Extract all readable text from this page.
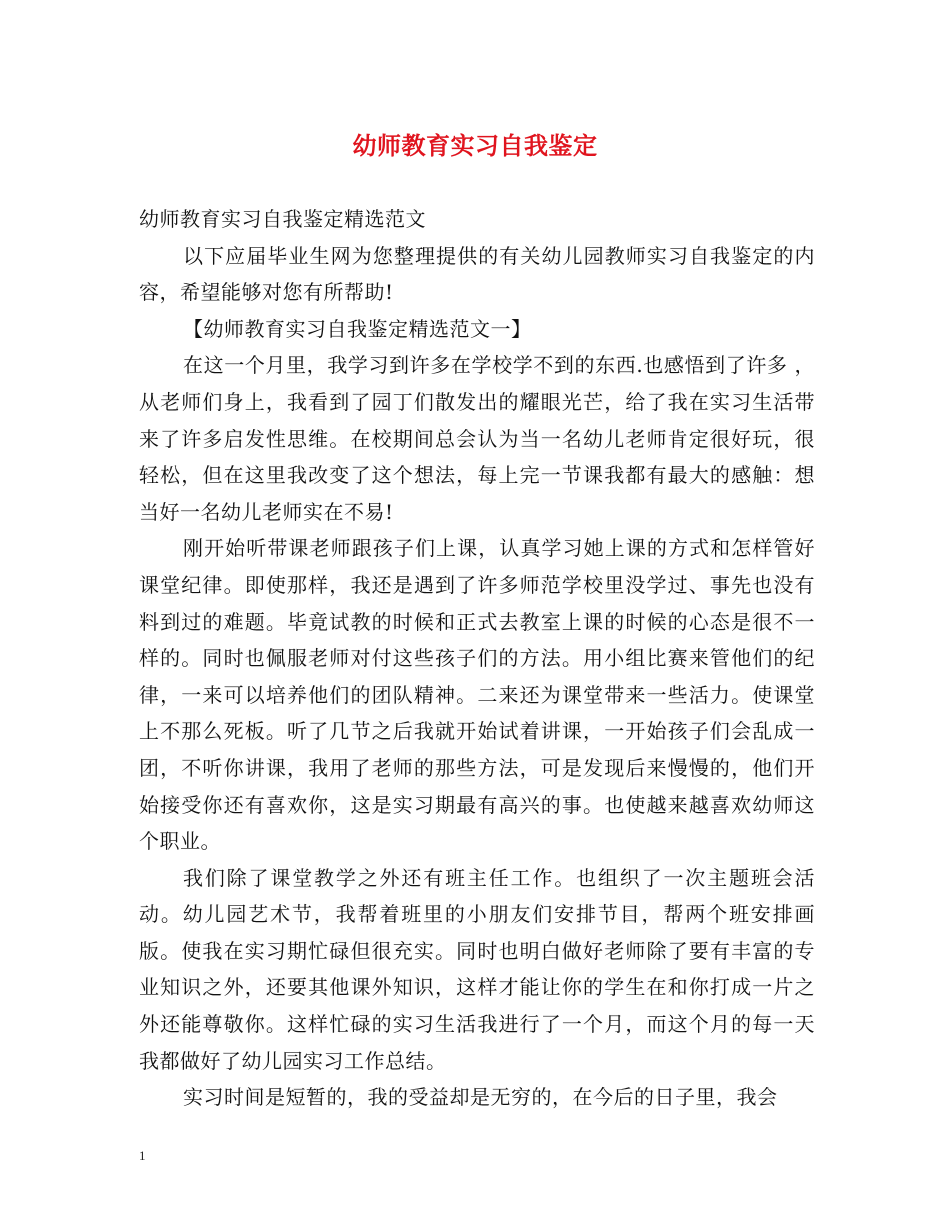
幼师教育实习自我鉴定

幼师教育实习自我鉴定精选范文

以下应届毕业生网为您整理提供的有关幼儿园教师实习自我鉴定的内容，希望能够对您有所帮助!

【幼师教育实习自我鉴定精选范文一】

在这一个月里，我学习到许多在学校学不到的东西.也感悟到了许多 ，从老师们身上，我看到了园丁们散发出的耀眼光芒，给了我在实习生活带来了许多启发性思维。在校期间总会认为当一名幼儿老师肯定很好玩，很轻松，但在这里我改变了这个想法，每上完一节课我都有最大的感触：想当好一名幼儿老师实在不易!

刚开始听带课老师跟孩子们上课，认真学习她上课的方式和怎样管好课堂纪律。即使那样，我还是遇到了许多师范学校里没学过、事先也没有料到过的难题。毕竟试教的时候和正式去教室上课的时候的心态是很不一样的。同时也佩服老师对付这些孩子们的方法。用小组比赛来管他们的纪律，一来可以培养他们的团队精神。二来还为课堂带来一些活力。使课堂上不那么死板。听了几节之后我就开始试着讲课，一开始孩子们会乱成一团，不听你讲课，我用了老师的那些方法，可是发现后来慢慢的，他们开始接受你还有喜欢你，这是实习期最有高兴的事。也使越来越喜欢幼师这个职业。

我们除了课堂教学之外还有班主任工作。也组织了一次主题班会活动。幼儿园艺术节，我帮着班里的小朋友们安排节目，帮两个班安排画版。使我在实习期忙碌但很充实。同时也明白做好老师除了要有丰富的专业知识之外，还要其他课外知识，这样才能让你的学生在和你打成一片之外还能尊敬你。这样忙碌的实习生活我进行了一个月，而这个月的每一天我都做好了幼儿园实习工作总结。

实习时间是短暂的，我的受益却是无穷的，在今后的日子里，我会

1
